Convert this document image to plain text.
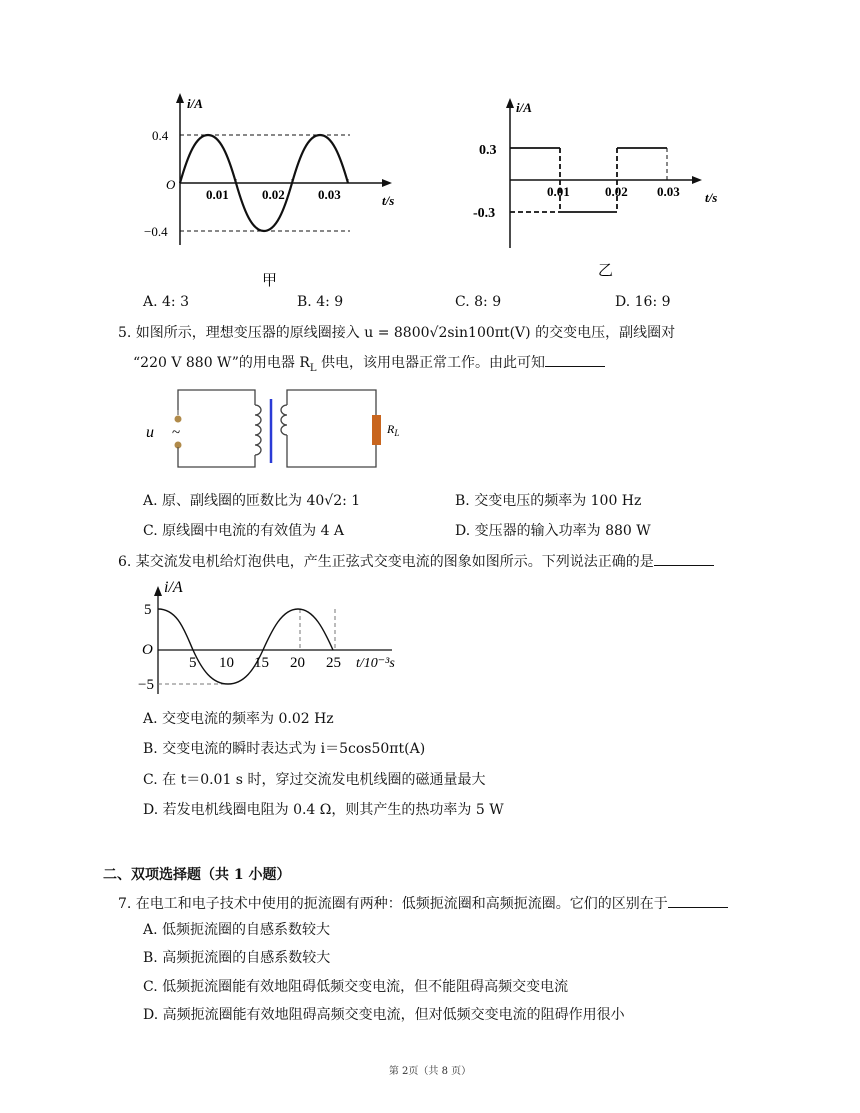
i/A
t/s
O
0.4
−0.4
0.01	0.02	0.03
甲
i/A
t/s
0.3
-0.3
0.01	0.02 0.03
乙
A. 4: 3	B. 4: 9	C. 8: 9	D. 16: 9
5. 如图所示，理想变压器的原线圈接入 u = 8800√2sin100πt(V) 的交变电压，副线圈对
“220 V 880 W”的用电器 $R_L$ 供电，该用电器正常工作。由此可知
u ~	$R_L$
A. 原、副线圈的匝数比为 40√2: 1	B. 交变电压的频率为 100 Hz
C. 原线圈中电流的有效值为 4 A	D. 变压器的输入功率为 880 W
6. 某交流发电机给灯泡供电，产生正弦式交变电流的图象如图所示。下列说法正确的是
i/A
O
5
−5
5 10 15 20 25 t/10⁻³s
A. 交变电流的频率为 0.02 Hz
B. 交变电流的瞬时表达式为 i＝5cos50πt(A)
C. 在 t＝0.01 s 时，穿过交流发电机线圈的磁通量最大
D. 若发电机线圈电阻为 0.4 Ω，则其产生的热功率为 5 W
二、双项选择题（共 1 小题）
7. 在电工和电子技术中使用的扼流圈有两种：低频扼流圈和高频扼流圈。它们的区别在于
A. 低频扼流圈的自感系数较大
B. 高频扼流圈的自感系数较大
C. 低频扼流圈能有效地阻碍低频交变电流，但不能阻碍高频交变电流
D. 高频扼流圈能有效地阻碍高频交变电流，但对低频交变电流的阻碍作用很小
第 2页（共 8 页）
